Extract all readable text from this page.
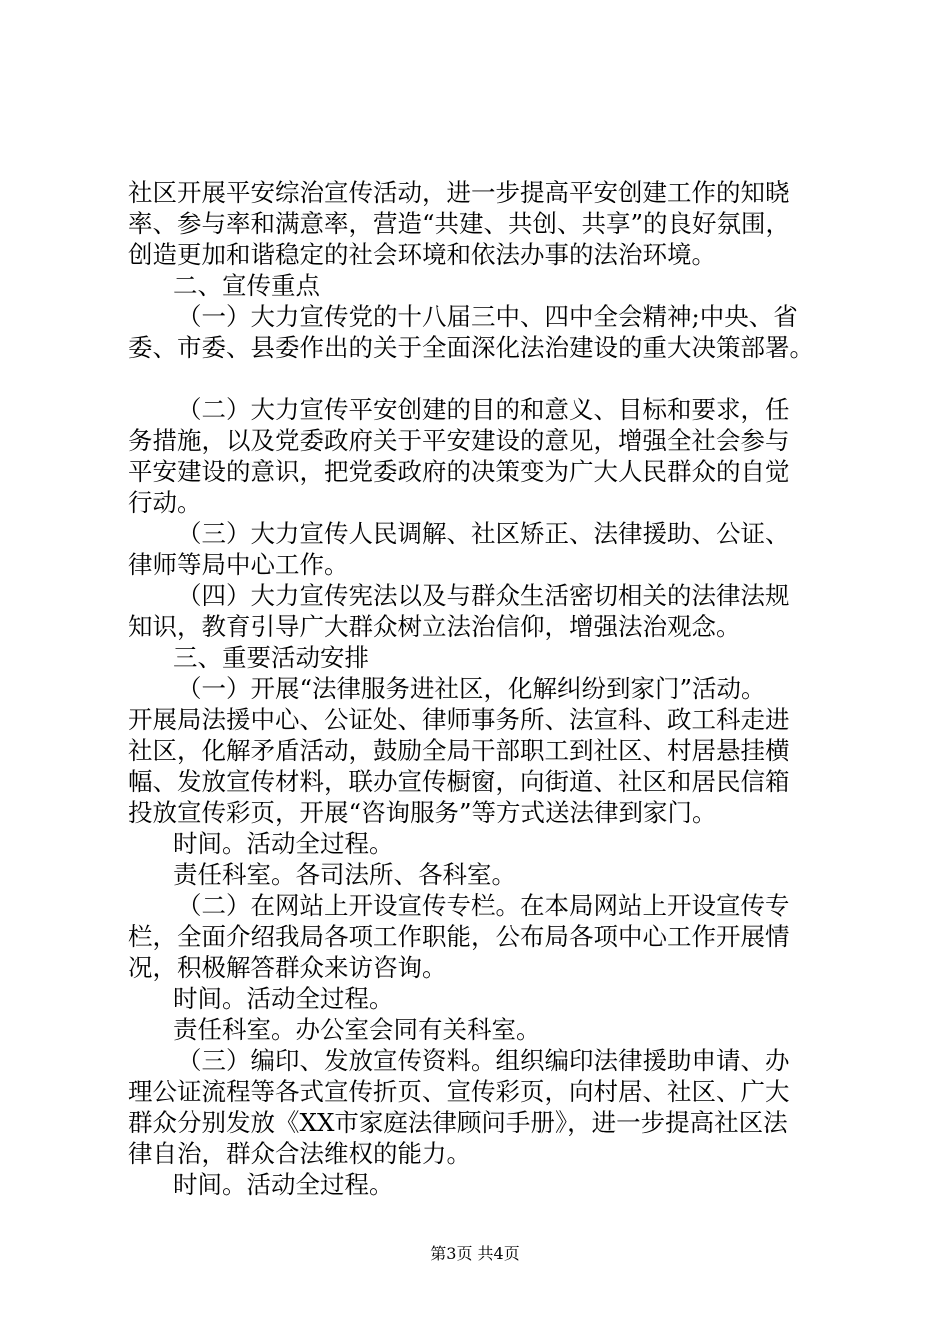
社区开展平安综治宣传活动，进一步提高平安创建工作的知晓
率、参与率和满意率，营造“共建、共创、共享”的良好氛围，
创造更加和谐稳定的社会环境和依法办事的法治环境。
二、宣传重点
（一）大力宣传党的十八届三中、四中全会精神;中央、省
委、市委、县委作出的关于全面深化法治建设的重大决策部署。
（二）大力宣传平安创建的目的和意义、目标和要求，任
务措施，以及党委政府关于平安建设的意见，增强全社会参与
平安建设的意识，把党委政府的决策变为广大人民群众的自觉
行动。
（三）大力宣传人民调解、社区矫正、法律援助、公证、
律师等局中心工作。
（四）大力宣传宪法以及与群众生活密切相关的法律法规
知识，教育引导广大群众树立法治信仰，增强法治观念。
三、重要活动安排
（一）开展“法律服务进社区，化解纠纷到家门”活动。
开展局法援中心、公证处、律师事务所、法宣科、政工科走进
社区，化解矛盾活动，鼓励全局干部职工到社区、村居悬挂横
幅、发放宣传材料，联办宣传橱窗，向街道、社区和居民信箱
投放宣传彩页，开展“咨询服务”等方式送法律到家门。
时间。活动全过程。
责任科室。各司法所、各科室。
（二）在网站上开设宣传专栏。在本局网站上开设宣传专
栏，全面介绍我局各项工作职能，公布局各项中心工作开展情
况，积极解答群众来访咨询。
时间。活动全过程。
责任科室。办公室会同有关科室。
（三）编印、发放宣传资料。组织编印法律援助申请、办
理公证流程等各式宣传折页、宣传彩页，向村居、社区、广大
群众分别发放《XX市家庭法律顾问手册》，进一步提高社区法
律自治，群众合法维权的能力。
时间。活动全过程。
第3页 共4页
